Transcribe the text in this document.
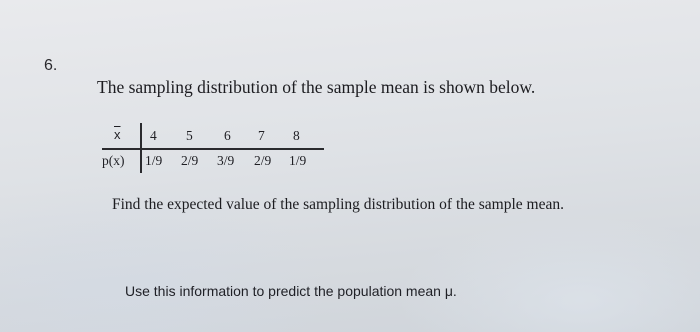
6.
The sampling distribution of the sample mean is shown below.
$\overline{x}$
p(x)
4 5 6 7 8
1/9 2/9 3/9 2/9 1/9
Find the expected value of the sampling distribution of the sample mean.
Use this information to predict the population mean μ.
